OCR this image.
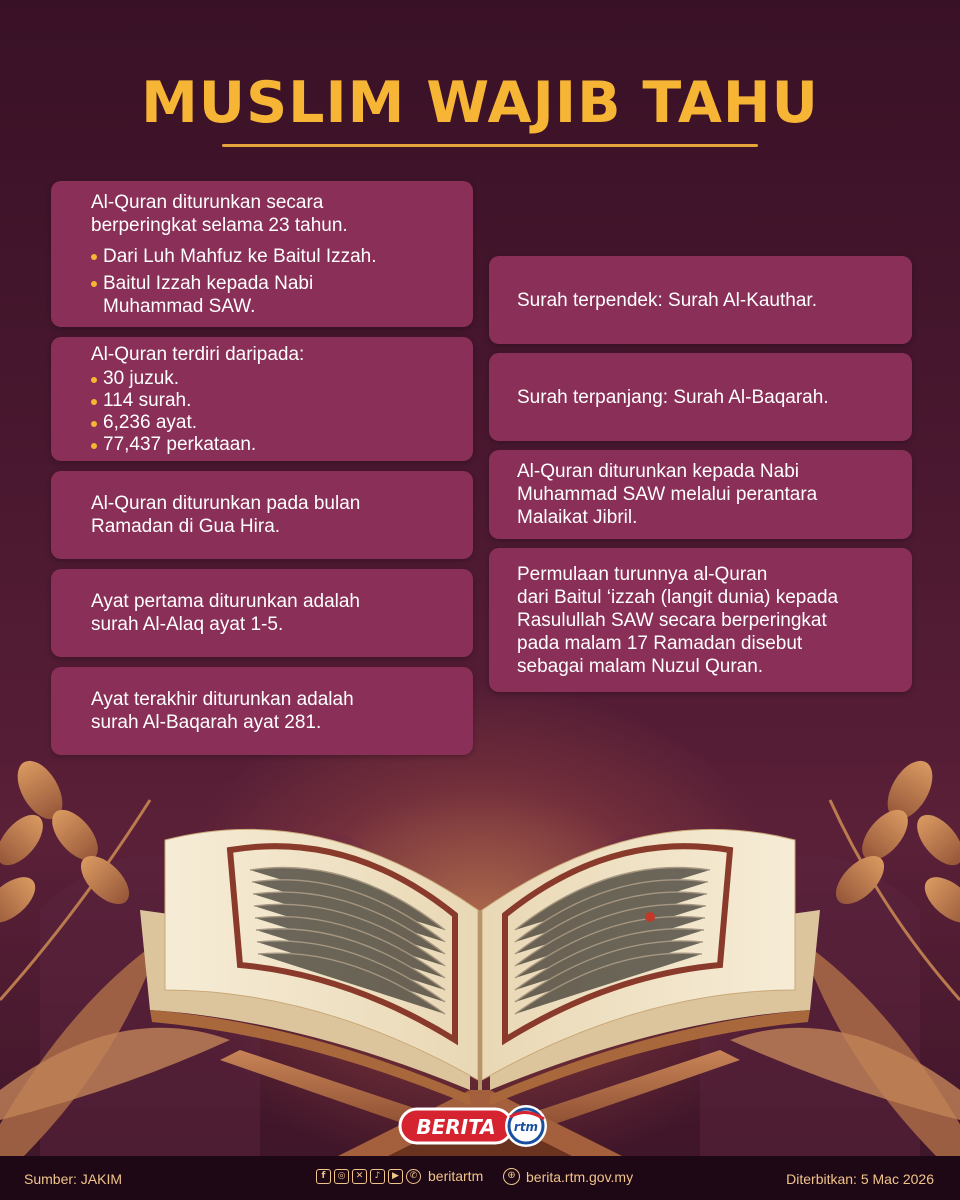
MUSLIM WAJIB TAHU
Al-Quran diturunkan secara
berperingkat selama 23 tahun.
Dari Luh Mahfuz ke Baitul Izzah.
Baitul Izzah kepada Nabi
Muhammad SAW.
Al-Quran terdiri daripada:
30 juzuk.
114 surah.
6,236 ayat.
77,437 perkataan.
Al-Quran diturunkan pada bulan
Ramadan di Gua Hira.
Ayat pertama diturunkan adalah
surah Al-Alaq ayat 1-5.
Ayat terakhir diturunkan adalah
surah Al-Baqarah ayat 281.
Surah terpendek: Surah Al-Kauthar.
Surah terpanjang: Surah Al-Baqarah.
Al-Quran diturunkan kepada Nabi
Muhammad SAW melalui perantara
Malaikat Jibril.
Permulaan turunnya al-Quran
dari Baitul ‘izzah (langit dunia) kepada
Rasulullah SAW secara berperingkat
pada malam 17 Ramadan disebut
sebagai malam Nuzul Quran.
BERITA rtm
Sumber: JAKIM	f	◎	✕	♪	▶	✆ beritartm	⊕ berita.rtm.gov.my	Diterbitkan: 5 Mac 2026
